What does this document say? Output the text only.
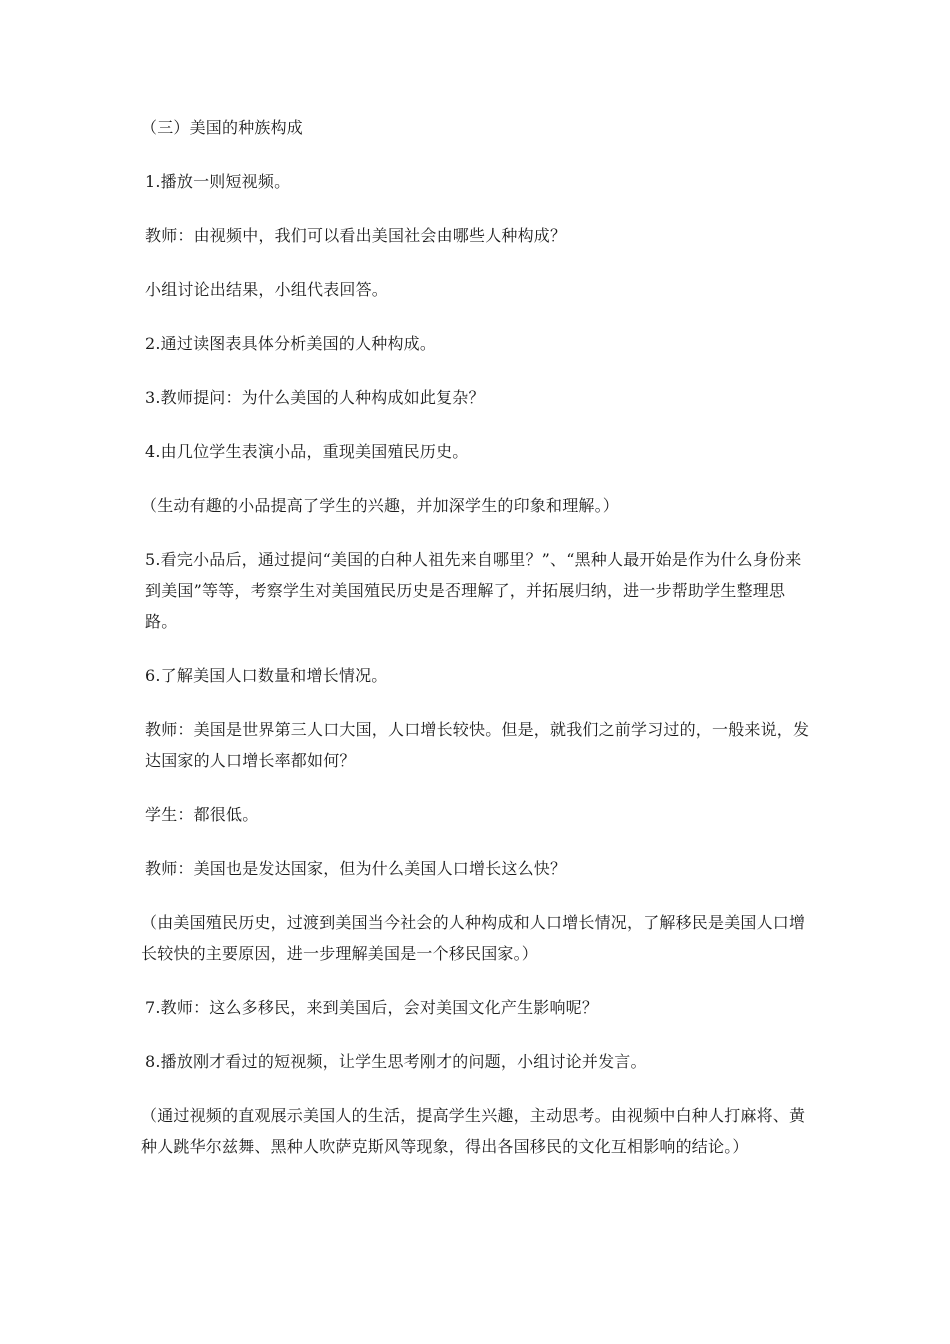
（三）美国的种族构成

1.播放一则短视频。

教师：由视频中，我们可以看出美国社会由哪些人种构成？

小组讨论出结果，小组代表回答。

2.通过读图表具体分析美国的人种构成。

3.教师提问：为什么美国的人种构成如此复杂？

4.由几位学生表演小品，重现美国殖民历史。

（生动有趣的小品提高了学生的兴趣，并加深学生的印象和理解。）

5.看完小品后，通过提问“美国的白种人祖先来自哪里？”、“黑种人最开始是作为什么身份来到美国”等等，考察学生对美国殖民历史是否理解了，并拓展归纳，进一步帮助学生整理思路。

6.了解美国人口数量和增长情况。

教师：美国是世界第三人口大国，人口增长较快。但是，就我们之前学习过的，一般来说，发达国家的人口增长率都如何？

学生：都很低。

教师：美国也是发达国家，但为什么美国人口增长这么快？

（由美国殖民历史，过渡到美国当今社会的人种构成和人口增长情况，了解移民是美国人口增长较快的主要原因，进一步理解美国是一个移民国家。）

7.教师：这么多移民，来到美国后，会对美国文化产生影响呢？

8.播放刚才看过的短视频，让学生思考刚才的问题，小组讨论并发言。

（通过视频的直观展示美国人的生活，提高学生兴趣，主动思考。由视频中白种人打麻将、黄种人跳华尔兹舞、黑种人吹萨克斯风等现象，得出各国移民的文化互相影响的结论。）
